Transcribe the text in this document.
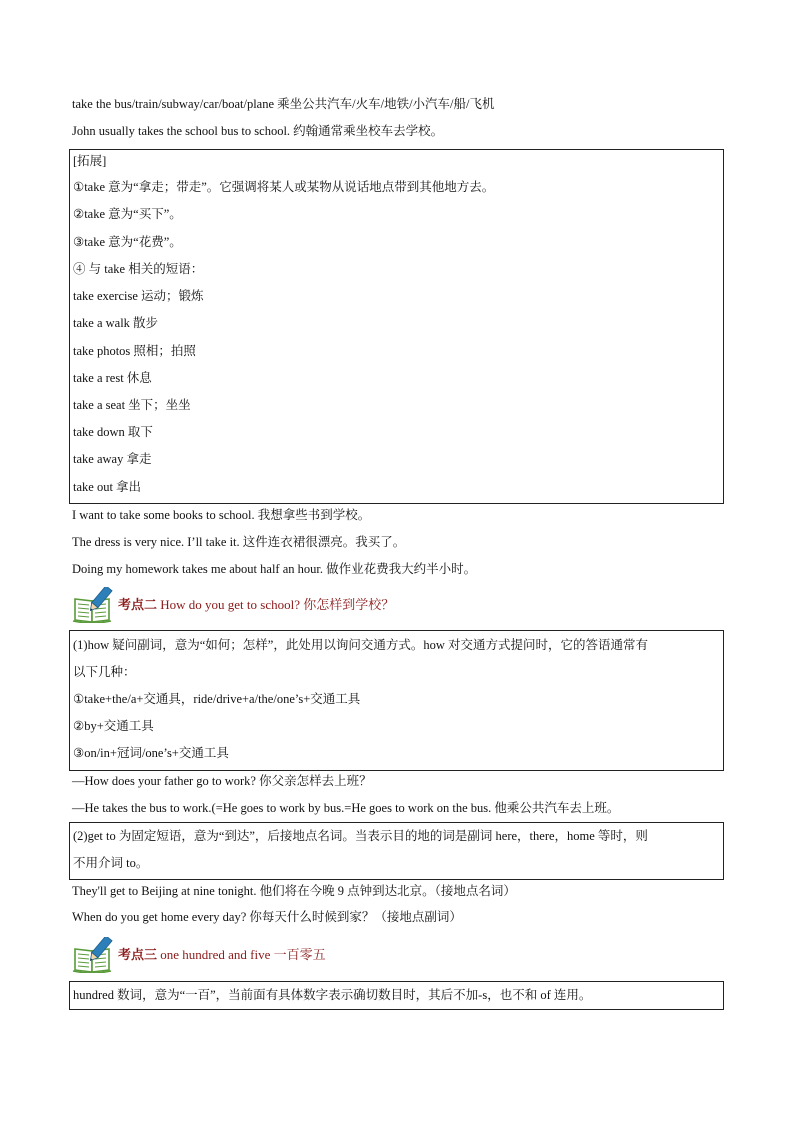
take the bus/train/subway/car/boat/plane 乘坐公共汽车/火车/地铁/小汽车/船/飞机
John usually takes the school bus to school. 约翰通常乘坐校车去学校。
[拓展]
①take 意为“拿走；带走”。它强调将某人或某物从说话地点带到其他地方去。
②take 意为“买下”。
③take 意为“花费”。
④ 与 take 相关的短语：
take exercise 运动；锻炼
take a walk 散步
take photos 照相；拍照
take a rest 休息
take a seat 坐下；坐坐
take down 取下
take away 拿走
take out 拿出
I want to take some books to school. 我想拿些书到学校。
The dress is very nice. I’ll take it. 这件连衣裙很漂亮。我买了。
Doing my homework takes me about half an hour. 做作业花费我大约半小时。
考点二 How do you get to school? 你怎样到学校？
(1)how 疑问副词，意为“如何；怎样”，此处用以询问交通方式。how 对交通方式提问时，它的答语通常有
以下几种：
①take+the/a+交通具，ride/drive+a/the/one’s+交通工具
②by+交通工具
③on/in+冠词/one’s+交通工具
—How does your father go to work? 你父亲怎样去上班？
—He takes the bus to work.(=He goes to work by bus.=He goes to work on the bus. 他乘公共汽车去上班。
(2)get to 为固定短语，意为“到达”，后接地点名词。当表示目的地的词是副词 here，there，home 等时，则
不用介词 to。
They'll get to Beijing at nine tonight. 他们将在今晚 9 点钟到达北京。（接地点名词）
When do you get home every day? 你每天什么时候到家？（接地点副词）
考点三 one hundred and five 一百零五
hundred 数词，意为“一百”，当前面有具体数字表示确切数目时，其后不加-s，也不和 of 连用。
